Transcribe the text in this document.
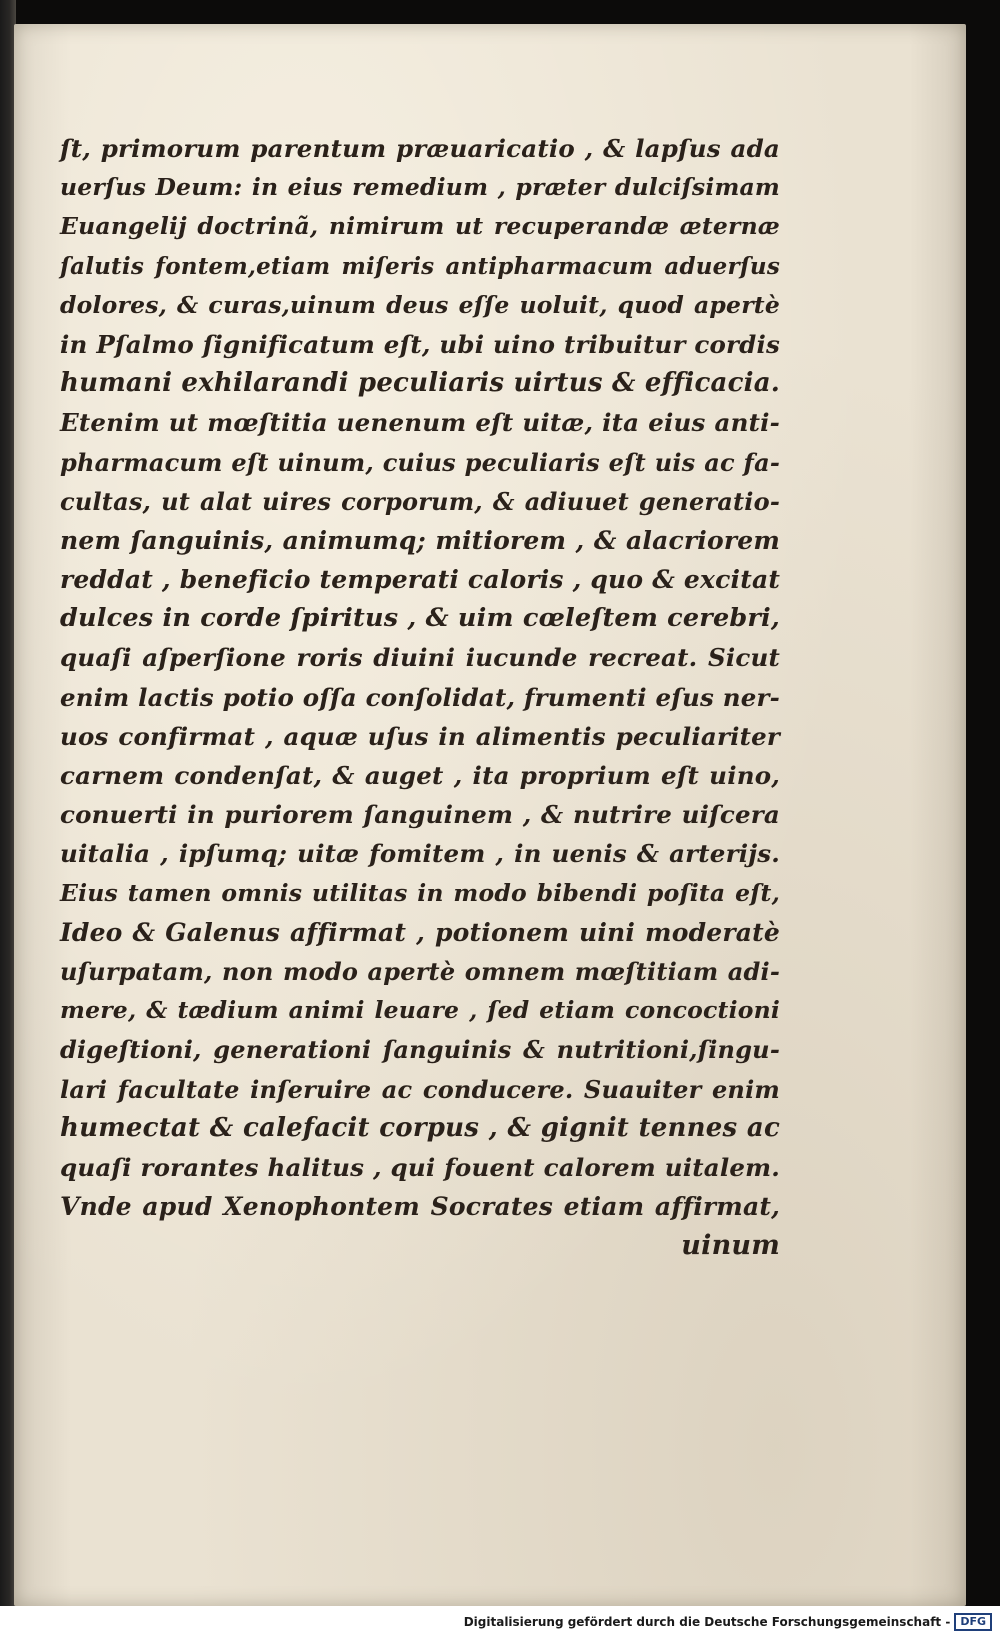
ſt, primorum parentum præuaricatio , & lapſus ada
uerſus Deum: in eius remedium , præter dulciſsimam
Euangelij doctrinã, nimirum ut recuperandæ æternæ
ſalutis fontem,etiam miſeris antipharmacum aduerſus
dolores, & curas,uinum deus eſſe uoluit, quod apertè
in Pſalmo ſignificatum eſt, ubi uino tribuitur cordis
humani exhilarandi peculiaris uirtus & efficacia.
Etenim ut mœſtitia uenenum eſt uitæ, ita eius anti-
pharmacum eſt uinum, cuius peculiaris eſt uis ac fa-
cultas, ut alat uires corporum, & adiuuet generatio-
nem ſanguinis, animumq; mitiorem , & alacriorem
reddat , beneficio temperati caloris , quo & excitat
dulces in corde ſpiritus , & uim cœleſtem cerebri,
quaſi aſperſione roris diuini iucunde recreat. Sicut
enim lactis potio oſſa conſolidat, frumenti eſus ner-
uos confirmat , aquæ uſus in alimentis peculiariter
carnem condenſat, & auget , ita proprium eſt uino,
conuerti in puriorem ſanguinem , & nutrire uiſcera
uitalia , ipſumq; uitæ fomitem , in uenis & arterijs.
Eius tamen omnis utilitas in modo bibendi poſita eſt,
Ideo & Galenus affirmat , potionem uini moderatè
uſurpatam, non modo apertè omnem mœſtitiam adi-
mere, & tædium animi leuare , ſed etiam concoctioni
digeſtioni, generationi ſanguinis & nutritioni,ſingu-
lari facultate inſeruire ac conducere. Suauiter enim
humectat & calefacit corpus , & gignit tennes ac
quaſi rorantes halitus , qui fouent calorem uitalem.
Vnde apud Xenophontem Socrates etiam affirmat,
uinum
Digitalisierung gefördert durch die Deutsche Forschungsgemeinschaft - DFG
